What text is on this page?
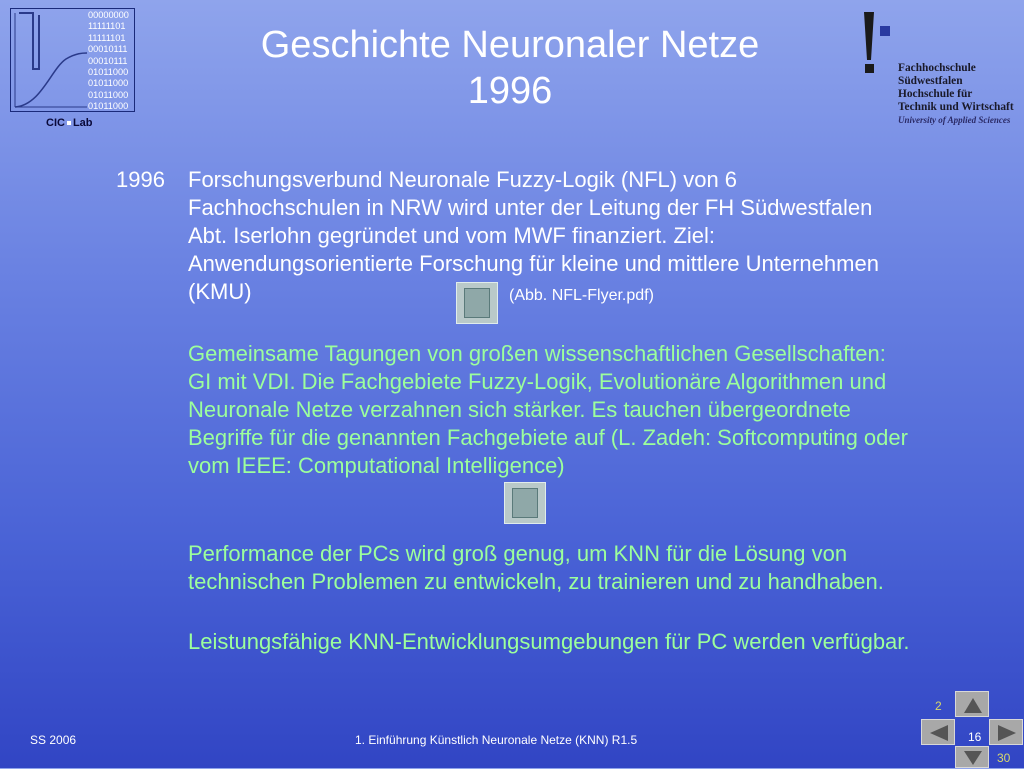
00000000
11111101
11111101
00010111
00010111
01011000
01011000
01011000
01011000
CIC Lab
Geschichte Neuronaler Netze
1996
Fachhochschule
Südwestfalen
Hochschule für
Technik und Wirtschaft
University of Applied Sciences
1996 Forschungsverbund Neuronale Fuzzy-Logik (NFL) von 6 Fachhochschulen in NRW wird unter der Leitung der FH Südwestfalen Abt. Iserlohn gegründet und vom MWF finanziert. Ziel: Anwendungsorientierte Forschung für kleine und mittlere Unternehmen (KMU)	(Abb. NFL-Flyer.pdf)
Gemeinsame Tagungen von großen wissenschaftlichen Gesellschaften: GI mit VDI. Die Fachgebiete Fuzzy-Logik, Evolutionäre Algorithmen und Neuronale Netze verzahnen sich stärker. Es tauchen übergeordnete Begriffe für die genannten Fachgebiete auf (L. Zadeh: Softcomputing oder vom IEEE: Computational Intelligence)
Performance der PCs wird groß genug, um KNN für die Lösung von technischen Problemen zu entwickeln, zu trainieren und zu handhaben.
Leistungsfähige KNN-Entwicklungsumgebungen für PC werden verfügbar.
SS 2006	1. Einführung Künstlich Neuronale Netze (KNN) R1.5
2
16
30
